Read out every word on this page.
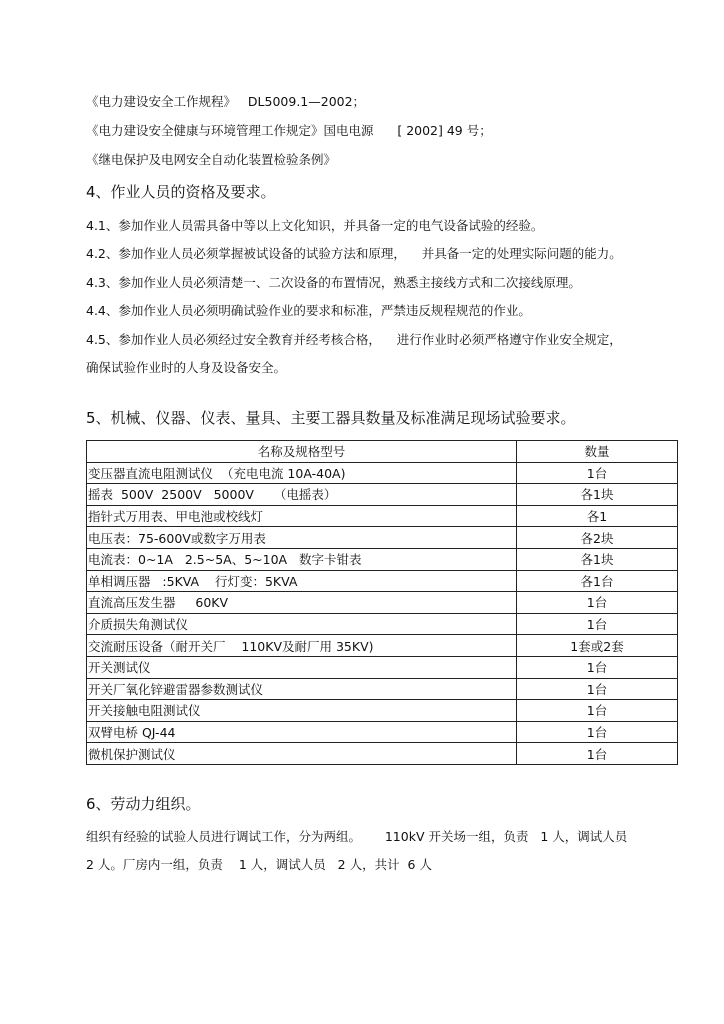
《电力建设安全工作规程》   DL5009.1—2002；
《电力建设安全健康与环境管理工作规定》国电电源      [ 2002] 49 号；
《继电保护及电网安全自动化装置检验条例》
4、作业人员的资格及要求。
4.1、参加作业人员需具备中等以上文化知识，并具备一定的电气设备试验的经验。
4.2、参加作业人员必须掌握被试设备的试验方法和原理，    并具备一定的处理实际问题的能力。
4.3、参加作业人员必须清楚一、二次设备的布置情况，熟悉主接线方式和二次接线原理。
4.4、参加作业人员必须明确试验作业的要求和标准，严禁违反规程规范的作业。
4.5、参加作业人员必须经过安全教育并经考核合格，    进行作业时必须严格遵守作业安全规定，
确保试验作业时的人身及设备安全。
5、机械、仪器、仪表、量具、主要工器具数量及标准满足现场试验要求。
名称及规格型号	数量
变压器直流电阻测试仪  （充电电流 10A-40A)	1台
摇表  500V  2500V   5000V     （电摇表）	各1块
指针式万用表、甲电池或校线灯	各1
电压表：75-600V或数字万用表	各2块
电流表：0~1A   2.5~5A、5~10A   数字卡钳表	各1块
单相调压器   :5KVA    行灯变：5KVA	各1台
直流高压发生器     60KV	1台
介质损失角测试仪	1台
交流耐压设备（耐开关厂    110KV及耐厂用 35KV)	1套或2套
开关测试仪	1台
开关厂氧化锌避雷器参数测试仪	1台
开关接触电阻测试仪	1台
双臂电桥 QJ-44	1台
微机保护测试仪	1台
6、劳动力组织。
组织有经验的试验人员进行调试工作，分为两组。      110kV 开关场一组，负责   1 人，调试人员
2 人。厂房内一组，负责    1 人，调试人员   2 人，共计  6 人
